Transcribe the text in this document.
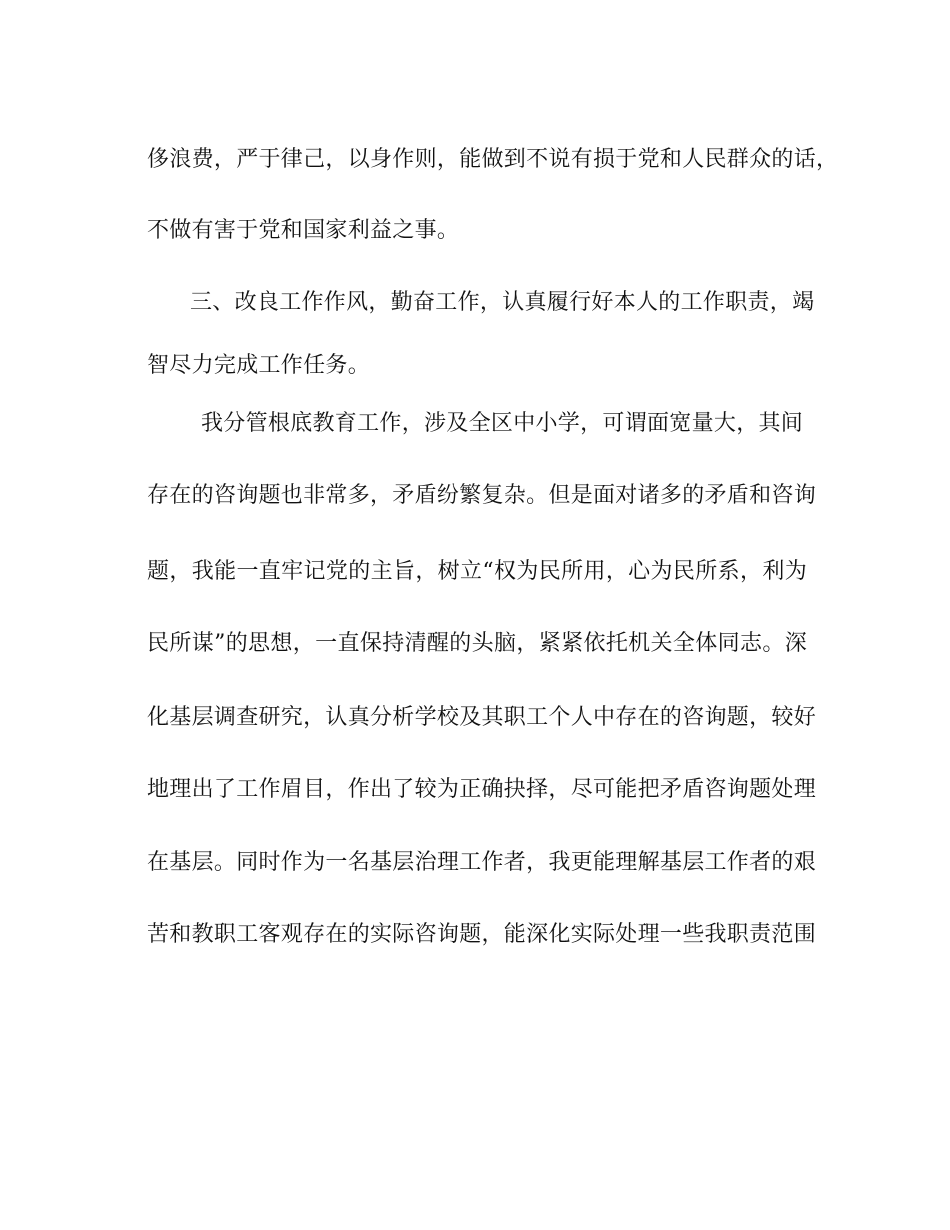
侈浪费，严于律己，以身作则，能做到不说有损于党和人民群众的话，
不做有害于党和国家利益之事。
三、改良工作作风，勤奋工作，认真履行好本人的工作职责，竭
智尽力完成工作任务。
我分管根底教育工作，涉及全区中小学，可谓面宽量大，其间
存在的咨询题也非常多，矛盾纷繁复杂。但是面对诸多的矛盾和咨询
题，我能一直牢记党的主旨，树立“权为民所用，心为民所系，利为
民所谋”的思想，一直保持清醒的头脑，紧紧依托机关全体同志。深
化基层调查研究，认真分析学校及其职工个人中存在的咨询题，较好
地理出了工作眉目，作出了较为正确抉择，尽可能把矛盾咨询题处理
在基层。同时作为一名基层治理工作者，我更能理解基层工作者的艰
苦和教职工客观存在的实际咨询题，能深化实际处理一些我职责范围
